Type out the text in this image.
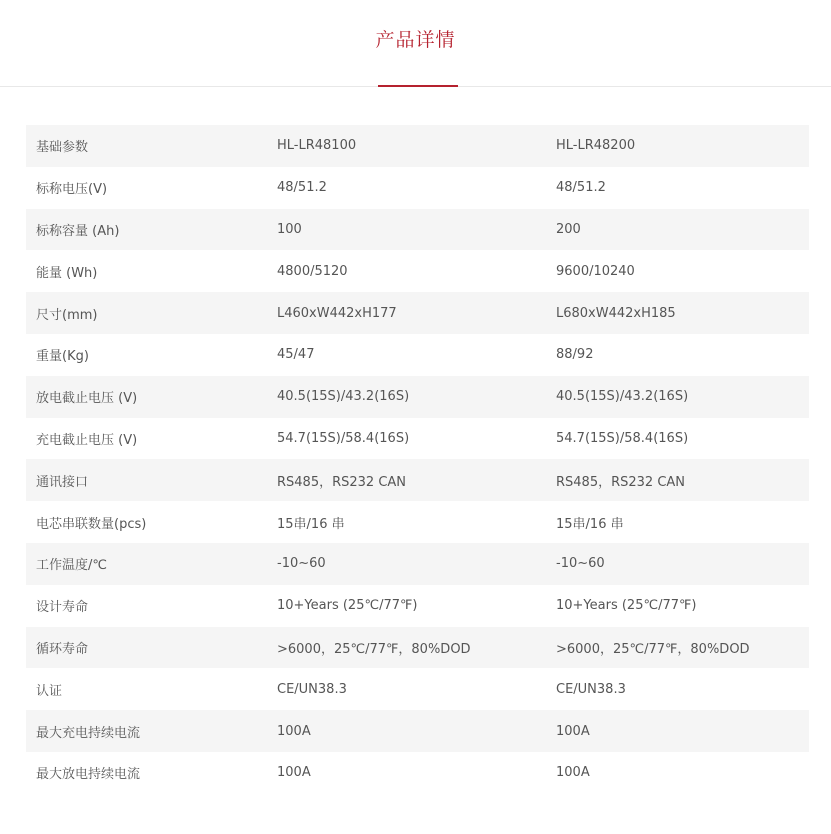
产品详情
基础参数	HL-LR48100	HL-LR48200
标称电压(V)	48/51.2	48/51.2
标称容量 (Ah)	100	200
能量 (Wh)	4800/5120	9600/10240
尺寸(mm)	L460xW442xH177	L680xW442xH185
重量(Kg)	45/47	88/92
放电截止电压 (V)	40.5(15S)/43.2(16S)	40.5(15S)/43.2(16S)
充电截止电压 (V)	54.7(15S)/58.4(16S)	54.7(15S)/58.4(16S)
通讯接口	RS485，RS232 CAN	RS485，RS232 CAN
电芯串联数量(pcs)	15串/16 串	15串/16 串
工作温度/℃	-10~60	-10~60
设计寿命	10+Years (25℃/77℉)	10+Years (25℃/77℉)
循环寿命	>6000，25℃/77℉，80%DOD	>6000，25℃/77℉，80%DOD
认证	CE/UN38.3	CE/UN38.3
最大充电持续电流	100A	100A
最大放电持续电流	100A	100A
